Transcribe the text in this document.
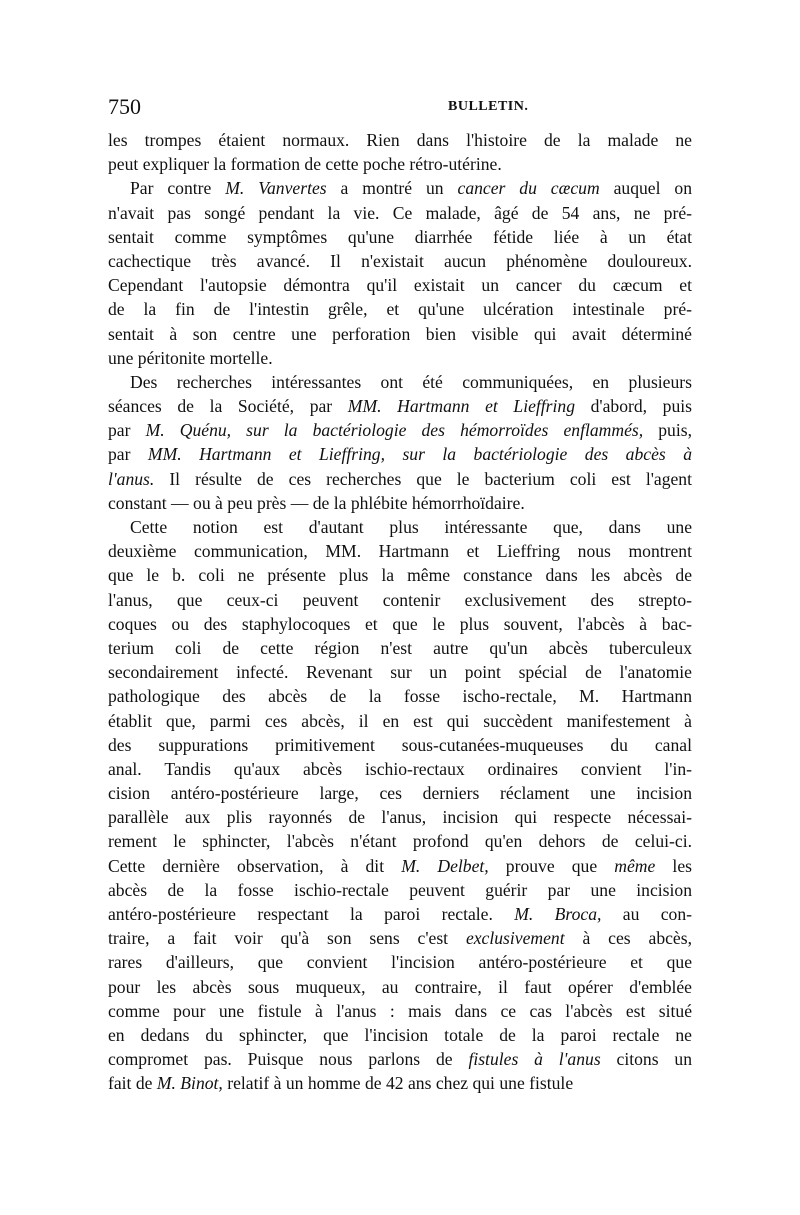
750	BULLETIN.
les trompes étaient normaux. Rien dans l'histoire de la malade ne
peut expliquer la formation de cette poche rétro-utérine.
Par contre M. Vanvertes a montré un cancer du cæcum auquel on
n'avait pas songé pendant la vie. Ce malade, âgé de 54 ans, ne pré-
sentait comme symptômes qu'une diarrhée fétide liée à un état
cachectique très avancé. Il n'existait aucun phénomène douloureux.
Cependant l'autopsie démontra qu'il existait un cancer du cæcum et
de la fin de l'intestin grêle, et qu'une ulcération intestinale pré-
sentait à son centre une perforation bien visible qui avait déterminé
une péritonite mortelle.
Des recherches intéressantes ont été communiquées, en plusieurs
séances de la Société, par MM. Hartmann et Lieffring d'abord, puis
par M. Quénu, sur la bactériologie des hémorroïdes enflammés, puis,
par MM. Hartmann et Lieffring, sur la bactériologie des abcès à
l'anus. Il résulte de ces recherches que le bacterium coli est l'agent
constant — ou à peu près — de la phlébite hémorrhoïdaire.
Cette notion est d'autant plus intéressante que, dans une
deuxième communication, MM. Hartmann et Lieffring nous montrent
que le b. coli ne présente plus la même constance dans les abcès de
l'anus, que ceux-ci peuvent contenir exclusivement des strepto-
coques ou des staphylocoques et que le plus souvent, l'abcès à bac-
terium coli de cette région n'est autre qu'un abcès tuberculeux
secondairement infecté. Revenant sur un point spécial de l'anatomie
pathologique des abcès de la fosse ischo-rectale, M. Hartmann
établit que, parmi ces abcès, il en est qui succèdent manifestement à
des suppurations primitivement sous-cutanées-muqueuses du canal
anal. Tandis qu'aux abcès ischio-rectaux ordinaires convient l'in-
cision antéro-postérieure large, ces derniers réclament une incision
parallèle aux plis rayonnés de l'anus, incision qui respecte nécessai-
rement le sphincter, l'abcès n'étant profond qu'en dehors de celui-ci.
Cette dernière observation, à dit M. Delbet, prouve que même les
abcès de la fosse ischio-rectale peuvent guérir par une incision
antéro-postérieure respectant la paroi rectale. M. Broca, au con-
traire, a fait voir qu'à son sens c'est exclusivement à ces abcès,
rares d'ailleurs, que convient l'incision antéro-postérieure et que
pour les abcès sous muqueux, au contraire, il faut opérer d'emblée
comme pour une fistule à l'anus : mais dans ce cas l'abcès est situé
en dedans du sphincter, que l'incision totale de la paroi rectale ne
compromet pas. Puisque nous parlons de fistules à l'anus citons un
fait de M. Binot, relatif à un homme de 42 ans chez qui une fistule
